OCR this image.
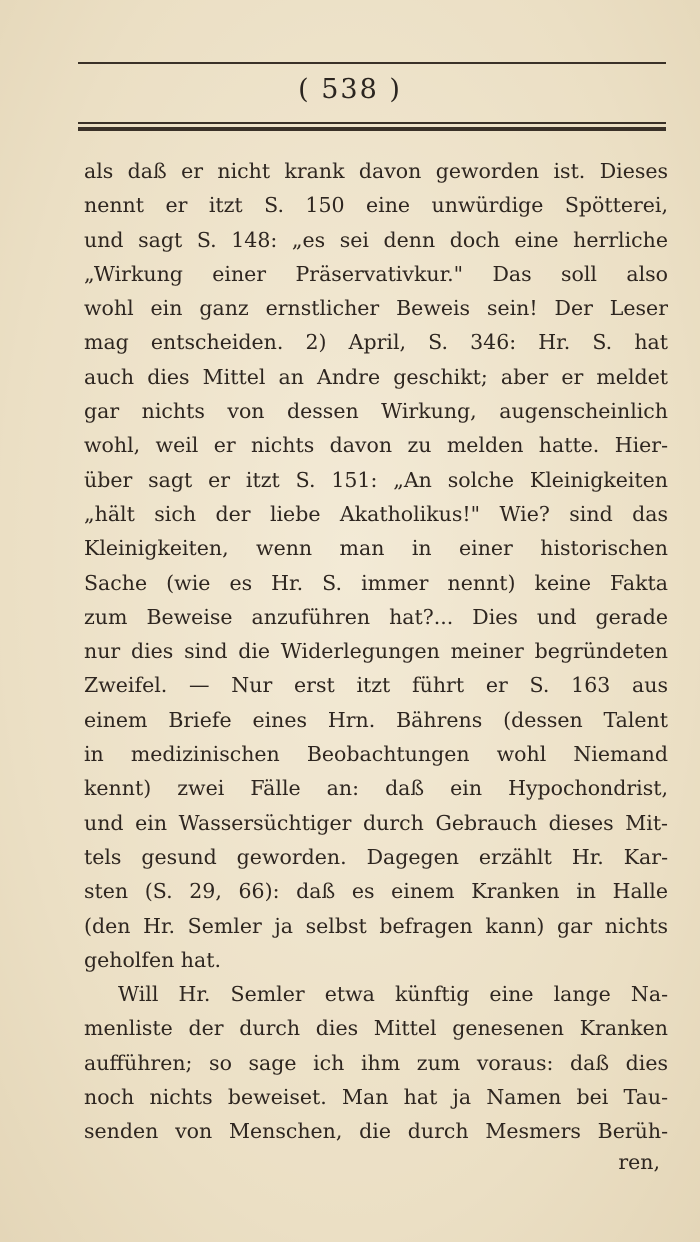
( 538 )
als daß er nicht krank davon geworden ist. Dieses
nennt er itzt S. 150 eine unwürdige Spötterei,
und sagt S. 148: „es sei denn doch eine herrliche
„Wirkung einer Präservativkur." Das soll also
wohl ein ganz ernstlicher Beweis sein! Der Leser
mag entscheiden. 2) April, S. 346: Hr. S. hat
auch dies Mittel an Andre geschikt; aber er meldet
gar nichts von dessen Wirkung, augenscheinlich
wohl, weil er nichts davon zu melden hatte. Hier-
über sagt er itzt S. 151: „An solche Kleinigkeiten
„hält sich der liebe Akatholikus!" Wie? sind das
Kleinigkeiten, wenn man in einer historischen
Sache (wie es Hr. S. immer nennt) keine Fakta
zum Beweise anzuführen hat?... Dies und gerade
nur dies sind die Widerlegungen meiner begründeten
Zweifel. — Nur erst itzt führt er S. 163 aus
einem Briefe eines Hrn. Bährens (dessen Talent
in medizinischen Beobachtungen wohl Niemand
kennt) zwei Fälle an: daß ein Hypochondrist,
und ein Wassersüchtiger durch Gebrauch dieses Mit-
tels gesund geworden. Dagegen erzählt Hr. Kar-
sten (S. 29, 66): daß es einem Kranken in Halle
(den Hr. Semler ja selbst befragen kann) gar nichts
geholfen hat.
Will Hr. Semler etwa künftig eine lange Na-
menliste der durch dies Mittel genesenen Kranken
aufführen; so sage ich ihm zum voraus: daß dies
noch nichts beweiset. Man hat ja Namen bei Tau-
senden von Menschen, die durch Mesmers Berüh-
ren,
